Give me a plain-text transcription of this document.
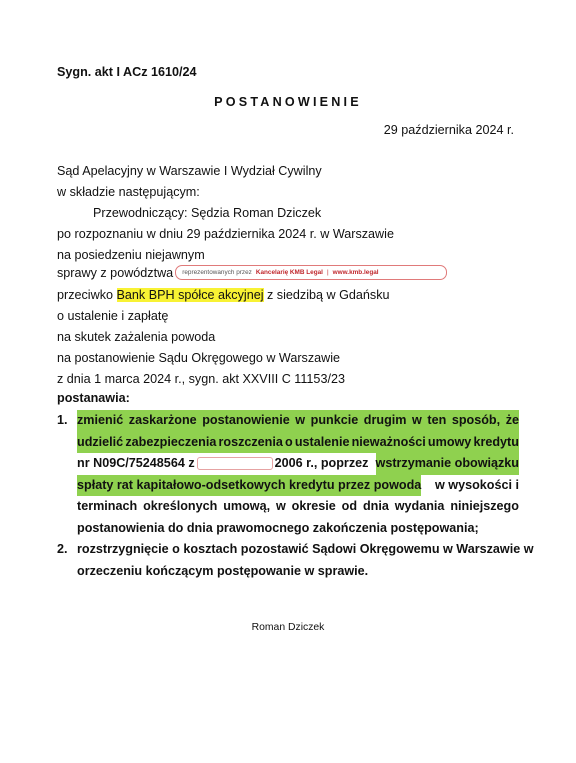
Sygn. akt I ACz 1610/24
POSTANOWIENIE
29 października 2024 r.
Sąd Apelacyjny w Warszawie I Wydział Cywilny
w składzie następującym:
Przewodniczący: Sędzia Roman Dziczek
po rozpoznaniu w dniu 29 października 2024 r. w Warszawie
na posiedzeniu niejawnym
sprawy z powództwa reprezentowanych przez Kancelarię KMB Legal | www.kmb.legal
przeciwko Bank BPH spółce akcyjnej z siedzibą w Gdańsku
o ustalenie i zapłatę
na skutek zażalenia powoda
na postanowienie Sądu Okręgowego w Warszawie
z dnia 1 marca 2024 r., sygn. akt XXVIII C 11153/23
postanawia:
1. zmienić zaskarżone postanowienie w punkcie drugim w ten sposób, że
udzielić zabezpieczenia roszczenia o ustalenie nieważności umowy kredytu
nr N09C/75248564 z	2006 r., poprzez wstrzymanie obowiązku
spłaty rat kapitałowo-odsetkowych kredytu przez powoda w wysokości i
terminach określonych umową, w okresie od dnia wydania niniejszego
postanowienia do dnia prawomocnego zakończenia postępowania;
2. rozstrzygnięcie o kosztach pozostawić Sądowi Okręgowemu w Warszawie w
orzeczeniu kończącym postępowanie w sprawie.
Roman Dziczek
